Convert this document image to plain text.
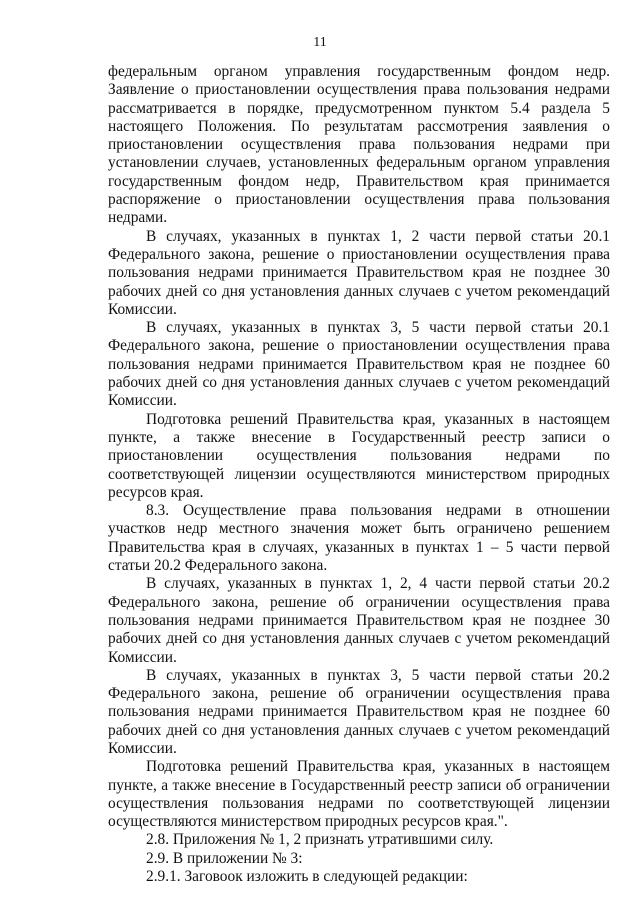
11

федеральным органом управления государственным фондом недр. Заявление о приостановлении осуществления права пользования недрами рассматривается в порядке, предусмотренном пунктом 5.4 раздела 5 настоящего Положения. По результатам рассмотрения заявления о приостановлении осуществления права пользования недрами при установлении случаев, установленных федеральным органом управления государственным фондом недр, Правительством края принимается распоряжение о приостановлении осуществления права пользования недрами.

В случаях, указанных в пунктах 1, 2 части первой статьи 20.1 Федерального закона, решение о приостановлении осуществления права пользования недрами принимается Правительством края не позднее 30 рабочих дней со дня установления данных случаев с учетом рекомендаций Комиссии.

В случаях, указанных в пунктах 3, 5 части первой статьи 20.1 Федерального закона, решение о приостановлении осуществления права пользования недрами принимается Правительством края не позднее 60 рабочих дней со дня установления данных случаев с учетом рекомендаций Комиссии.

Подготовка решений Правительства края, указанных в настоящем пункте, а также внесение в Государственный реестр записи о приостановлении осуществления пользования недрами по соответствующей лицензии осуществляются министерством природных ресурсов края.

8.3. Осуществление права пользования недрами в отношении участков недр местного значения может быть ограничено решением Правительства края в случаях, указанных в пунктах 1 – 5 части первой статьи 20.2 Федерального закона.

В случаях, указанных в пунктах 1, 2, 4 части первой статьи 20.2 Федерального закона, решение об ограничении осуществления права пользования недрами принимается Правительством края не позднее 30 рабочих дней со дня установления данных случаев с учетом рекомендаций Комиссии.

В случаях, указанных в пунктах 3, 5 части первой статьи 20.2 Федерального закона, решение об ограничении осуществления права пользования недрами принимается Правительством края не позднее 60 рабочих дней со дня установления данных случаев с учетом рекомендаций Комиссии.

Подготовка решений Правительства края, указанных в настоящем пункте, а также внесение в Государственный реестр записи об ограничении осуществления пользования недрами по соответствующей лицензии осуществляются министерством природных ресурсов края.".

2.8. Приложения № 1, 2 признать утратившими силу.

2.9. В приложении № 3:

2.9.1. Заговоок изложить в следующей редакции:
